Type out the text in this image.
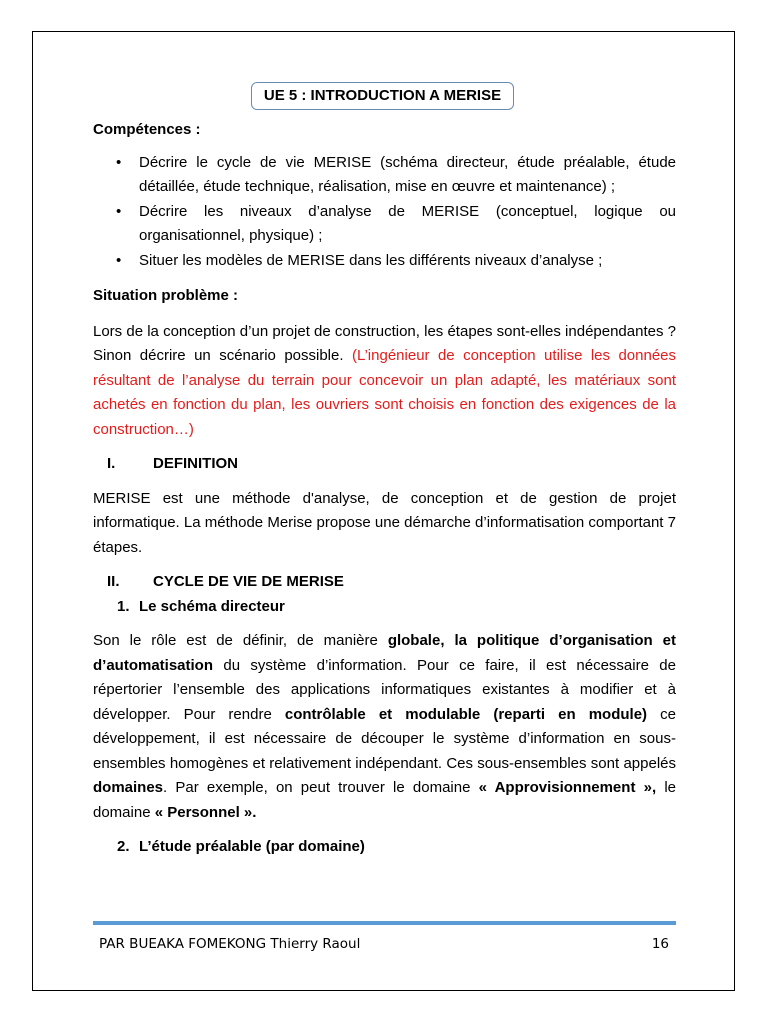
UE 5 : INTRODUCTION A MERISE
Compétences :
• Décrire le cycle de vie MERISE (schéma directeur, étude préalable, étude détaillée, étude technique, réalisation, mise en œuvre et maintenance) ;
• Décrire les niveaux d’analyse de MERISE (conceptuel, logique ou organisationnel, physique) ;
• Situer les modèles de MERISE dans les différents niveaux d’analyse ;
Situation problème :

Lors de la conception d’un projet de construction, les étapes sont-elles indépendantes ? Sinon décrire un scénario possible. (L’ingénieur de conception utilise les données résultant de l’analyse du terrain pour concevoir un plan adapté, les matériaux sont achetés en fonction du plan, les ouvriers sont choisis en fonction des exigences de la construction…)

I.	DEFINITION

MERISE est une méthode d'analyse, de conception et de gestion de projet informatique. La méthode Merise propose une démarche d’informatisation comportant 7 étapes.

II.	CYCLE DE VIE DE MERISE
1. Le schéma directeur

Son le rôle est de définir, de manière globale, la politique d’organisation et d’automatisation du système d’information. Pour ce faire, il est nécessaire de répertorier l’ensemble des applications informatiques existantes à modifier et à développer. Pour rendre contrôlable et modulable (reparti en module) ce développement, il est nécessaire de découper le système d’information en sous-ensembles homogènes et relativement indépendant. Ces sous-ensembles sont appelés domaines. Par exemple, on peut trouver le domaine « Approvisionnement », le domaine « Personnel ».

2. L’étude préalable (par domaine)
PAR BUEAKA FOMEKONG Thierry Raoul	16
